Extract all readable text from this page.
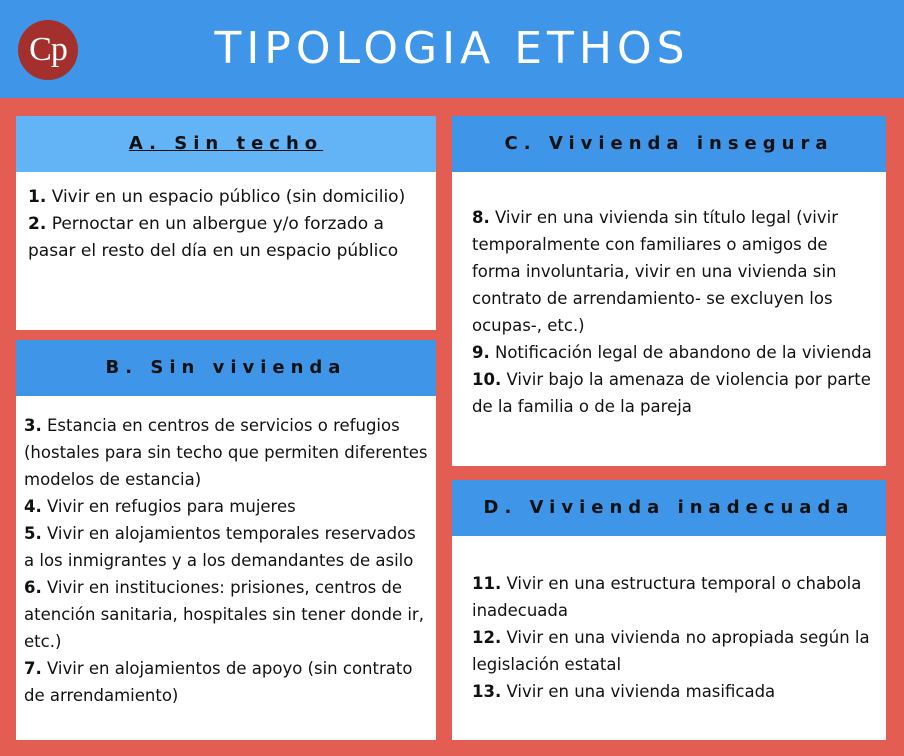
Cp	TIPOLOGIA ETHOS
A. Sin techo
1. Vivir en un espacio público (sin domicilio)
2. Pernoctar en un albergue y/o forzado a pasar el resto del día en un espacio público
B. Sin vivienda
3. Estancia en centros de servicios o refugios (hostales para sin techo que permiten diferentes modelos de estancia)
4. Vivir en refugios para mujeres
5. Vivir en alojamientos temporales reservados a los inmigrantes y a los demandantes de asilo
6. Vivir en instituciones: prisiones, centros de atención sanitaria, hospitales sin tener donde ir, etc.)
7. Vivir en alojamientos de apoyo (sin contrato de arrendamiento)
C. Vivienda insegura
8. Vivir en una vivienda sin título legal (vivir temporalmente con familiares o amigos de forma involuntaria, vivir en una vivienda sin contrato de arrendamiento- se excluyen los ocupas-, etc.)
9. Notificación legal de abandono de la vivienda
10. Vivir bajo la amenaza de violencia por parte de la familia o de la pareja
D. Vivienda inadecuada
11. Vivir en una estructura temporal o chabola inadecuada
12. Vivir en una vivienda no apropiada según la legislación estatal
13. Vivir en una vivienda masificada
